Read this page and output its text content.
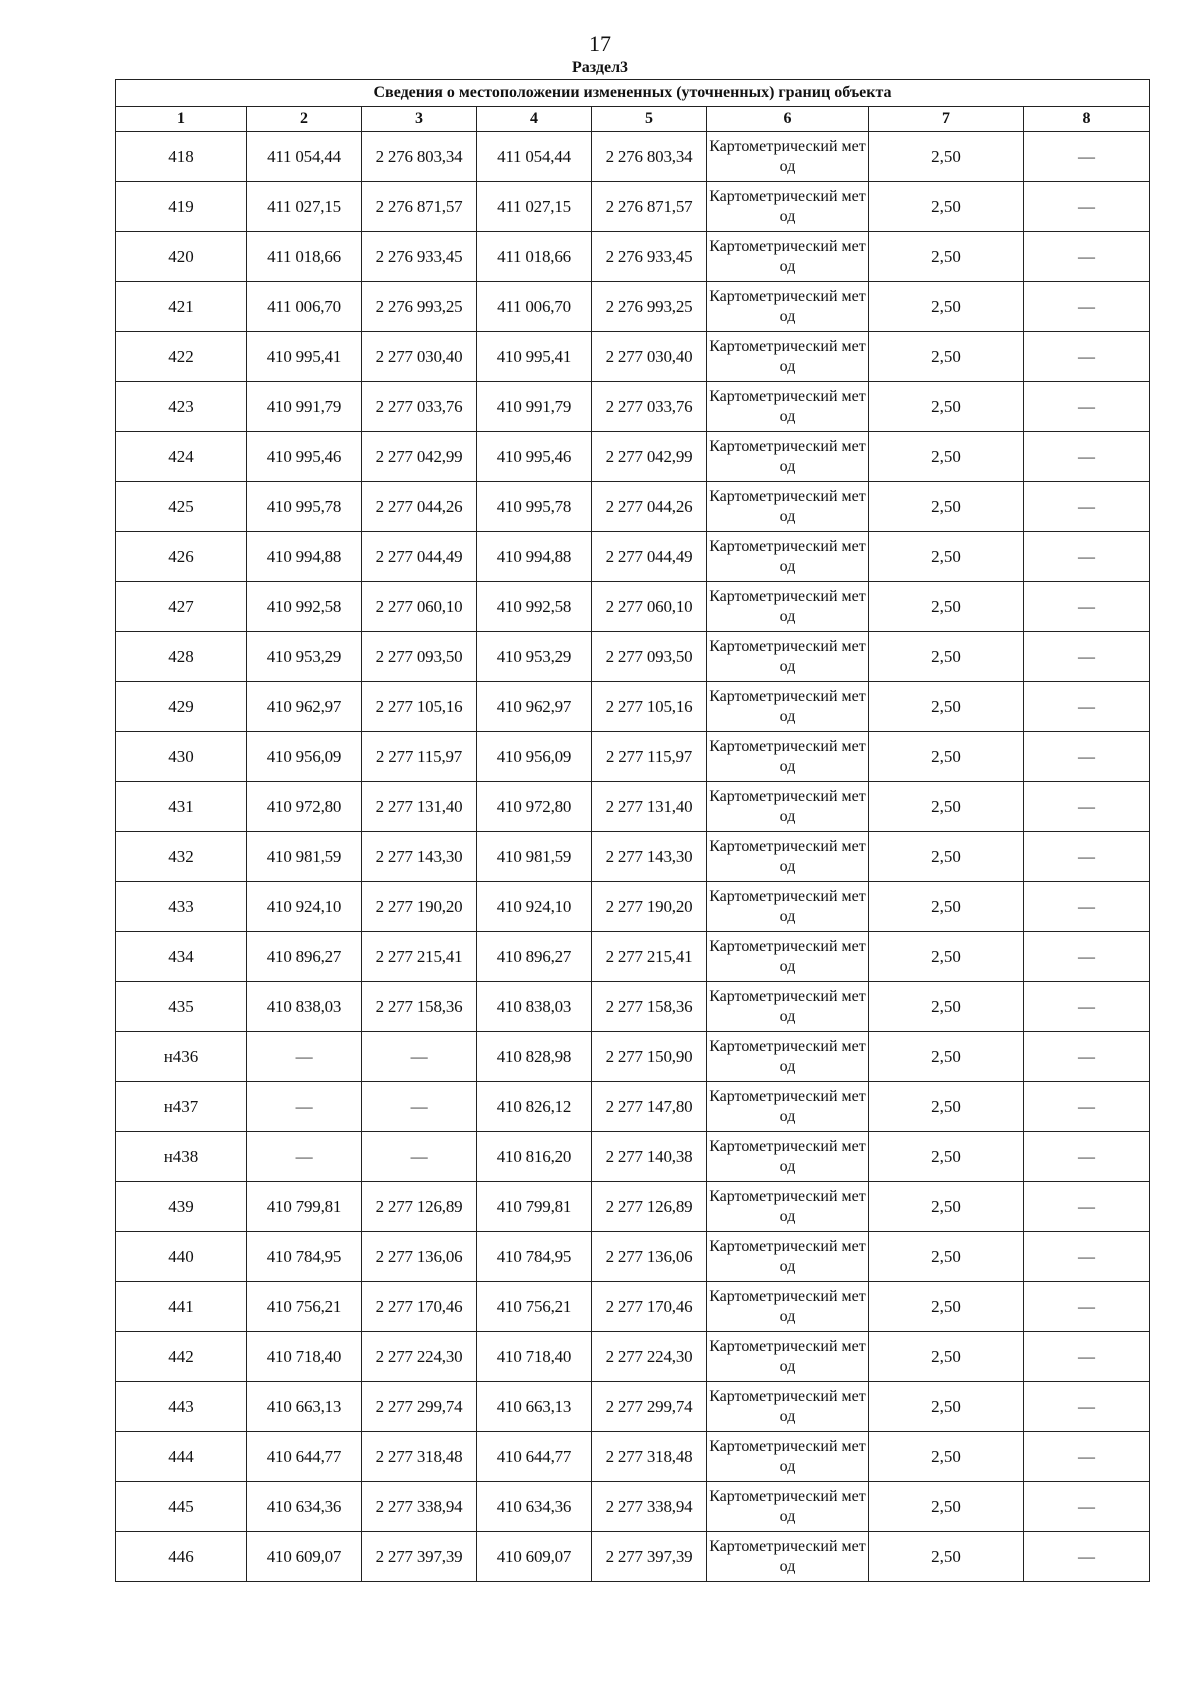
17
Раздел3
Сведения о местоположении измененных (уточненных) границ объекта							
1	2	3	4	5	6	7	8
418	411 054,44	2 276 803,34	411 054,44	2 276 803,34	Картометрический метод	2,50	—
419	411 027,15	2 276 871,57	411 027,15	2 276 871,57	Картометрический метод	2,50	—
420	411 018,66	2 276 933,45	411 018,66	2 276 933,45	Картометрический метод	2,50	—
421	411 006,70	2 276 993,25	411 006,70	2 276 993,25	Картометрический метод	2,50	—
422	410 995,41	2 277 030,40	410 995,41	2 277 030,40	Картометрический метод	2,50	—
423	410 991,79	2 277 033,76	410 991,79	2 277 033,76	Картометрический метод	2,50	—
424	410 995,46	2 277 042,99	410 995,46	2 277 042,99	Картометрический метод	2,50	—
425	410 995,78	2 277 044,26	410 995,78	2 277 044,26	Картометрический метод	2,50	—
426	410 994,88	2 277 044,49	410 994,88	2 277 044,49	Картометрический метод	2,50	—
427	410 992,58	2 277 060,10	410 992,58	2 277 060,10	Картометрический метод	2,50	—
428	410 953,29	2 277 093,50	410 953,29	2 277 093,50	Картометрический метод	2,50	—
429	410 962,97	2 277 105,16	410 962,97	2 277 105,16	Картометрический метод	2,50	—
430	410 956,09	2 277 115,97	410 956,09	2 277 115,97	Картометрический метод	2,50	—
431	410 972,80	2 277 131,40	410 972,80	2 277 131,40	Картометрический метод	2,50	—
432	410 981,59	2 277 143,30	410 981,59	2 277 143,30	Картометрический метод	2,50	—
433	410 924,10	2 277 190,20	410 924,10	2 277 190,20	Картометрический метод	2,50	—
434	410 896,27	2 277 215,41	410 896,27	2 277 215,41	Картометрический метод	2,50	—
435	410 838,03	2 277 158,36	410 838,03	2 277 158,36	Картометрический метод	2,50	—
н436	—	—	410 828,98	2 277 150,90	Картометрический метод	2,50	—
н437	—	—	410 826,12	2 277 147,80	Картометрический метод	2,50	—
н438	—	—	410 816,20	2 277 140,38	Картометрический метод	2,50	—
439	410 799,81	2 277 126,89	410 799,81	2 277 126,89	Картометрический метод	2,50	—
440	410 784,95	2 277 136,06	410 784,95	2 277 136,06	Картометрический метод	2,50	—
441	410 756,21	2 277 170,46	410 756,21	2 277 170,46	Картометрический метод	2,50	—
442	410 718,40	2 277 224,30	410 718,40	2 277 224,30	Картометрический метод	2,50	—
443	410 663,13	2 277 299,74	410 663,13	2 277 299,74	Картометрический метод	2,50	—
444	410 644,77	2 277 318,48	410 644,77	2 277 318,48	Картометрический метод	2,50	—
445	410 634,36	2 277 338,94	410 634,36	2 277 338,94	Картометрический метод	2,50	—
446	410 609,07	2 277 397,39	410 609,07	2 277 397,39	Картометрический метод	2,50	—
